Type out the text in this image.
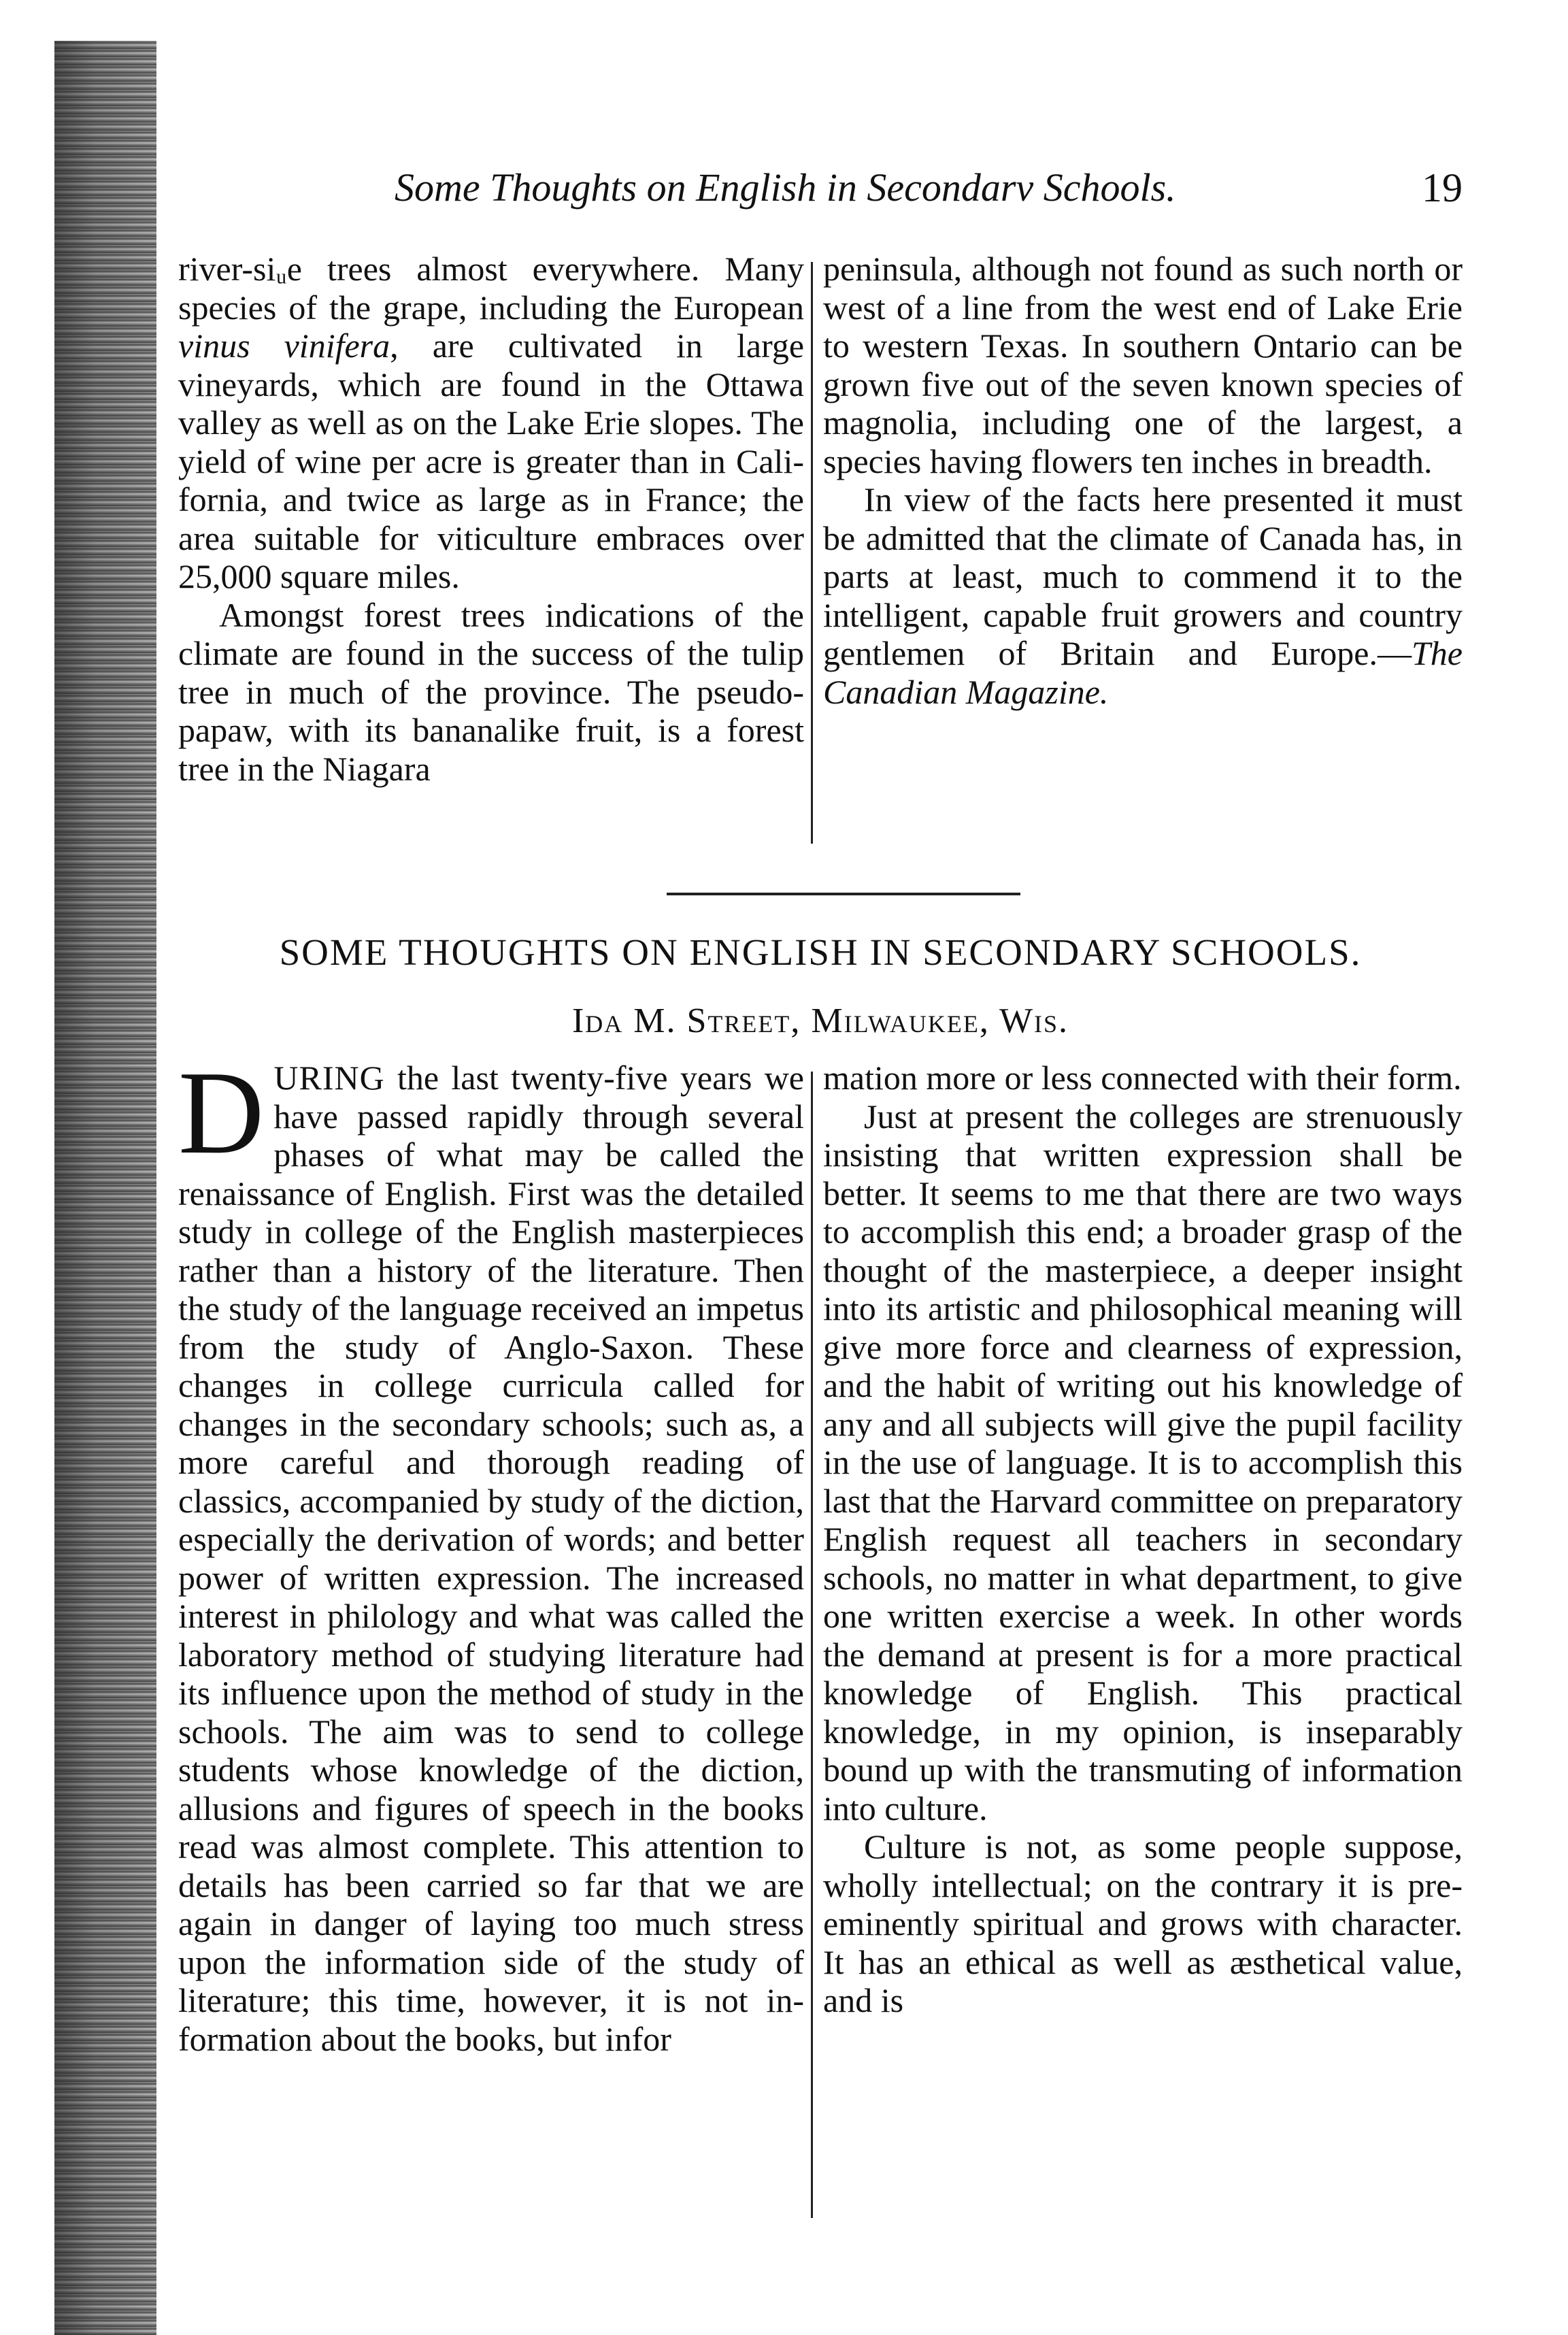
Some Thoughts on English in Secondarv Schools.	19

river-siᵤe trees almost everywhere. Many species of the grape, including the European vinus vinifera, are cultivated in large vineyards, which are found in the Ottawa valley as well as on the Lake Erie slopes. The yield of wine per acre is greater than in California, and twice as large as in France; the area suitable for viticulture embraces over 25,000 square miles.

Amongst forest trees indications of the climate are found in the success of the tulip tree in much of the province. The pseudo-papaw, with its bananalike fruit, is a forest tree in the Niagara

peninsula, although not found as such north or west of a line from the west end of Lake Erie to western Texas. In southern Ontario can be grown five out of the seven known species of magnolia, including one of the largest, a species having flowers ten inches in breadth.

In view of the facts here presented it must be admitted that the climate of Canada has, in parts at least, much to commend it to the intelligent, capable fruit growers and country gentlemen of Britain and Europe.—The Canadian Magazine.

SOME THOUGHTS ON ENGLISH IN SECONDARY SCHOOLS.
Ida M. Street, Milwaukee, Wis.
DURING the last twenty-five years we have passed rapidly through several phases of what may be called the renaissance of English. First was the detailed study in college of the English masterpieces rather than a history of the literature. Then the study of the language received an impetus from the study of Anglo-Saxon. These changes in college curricula called for changes in the secondary schools; such as, a more careful and thorough reading of classics, accompanied by study of the diction, especially the derivation of words; and better power of written expression. The increased interest in philology and what was called the laboratory method of studying literature had its influence upon the method of study in the schools. The aim was to send to college students whose knowledge of the diction, allusions and figures of speech in the books read was almost complete. This attention to details has been carried so far that we are again in danger of laying too much stress upon the information side of the study of literature; this time, however, it is not information about the books, but infor

mation more or less connected with their form.

Just at present the colleges are strenuously insisting that written expression shall be better. It seems to me that there are two ways to accomplish this end; a broader grasp of the thought of the masterpiece, a deeper insight into its artistic and philosophical meaning will give more force and clearness of expression, and the habit of writing out his knowledge of any and all subjects will give the pupil facility in the use of language. It is to accomplish this last that the Harvard committee on preparatory English request all teachers in secondary schools, no matter in what department, to give one written exercise a week. In other words the demand at present is for a more practical knowledge of English. This practical knowledge, in my opinion, is inseparably bound up with the transmuting of information into culture.

Culture is not, as some people suppose, wholly intellectual; on the contrary it is pre-eminently spiritual and grows with character. It has an ethical as well as æsthetical value, and is
